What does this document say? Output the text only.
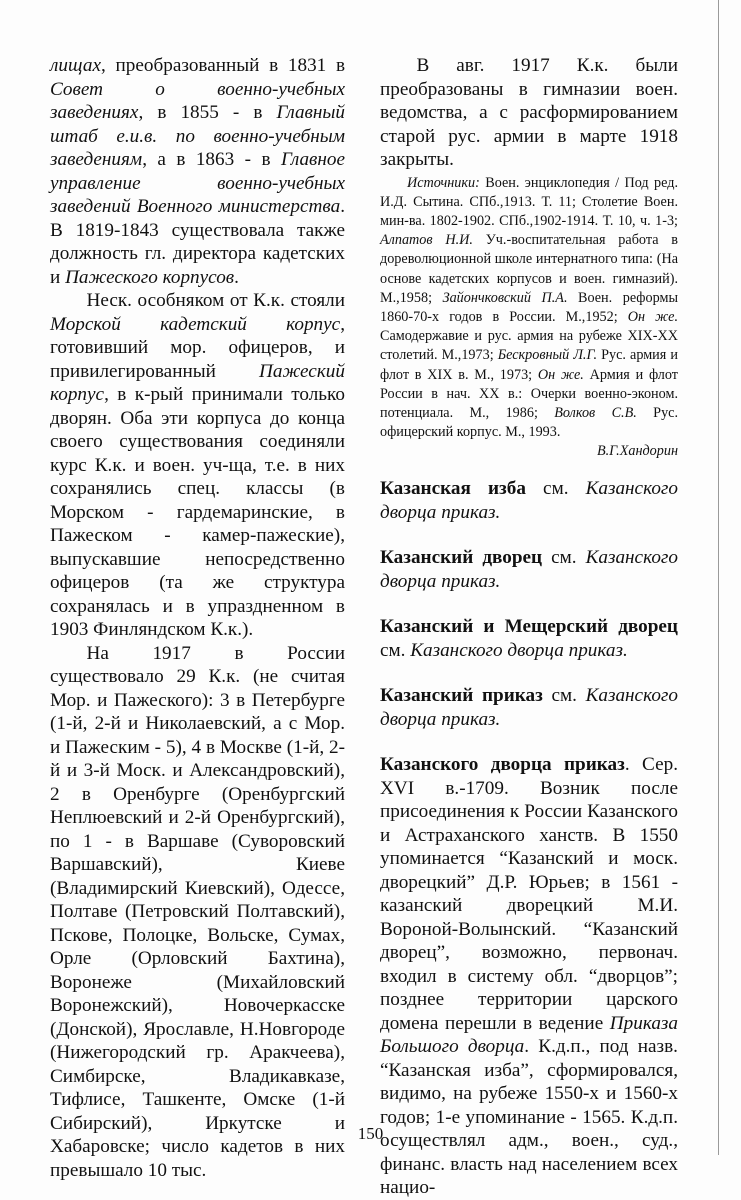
лищах, преобразованный в 1831 в Совет о военно-учебных заведениях, в 1855 - в Главный штаб е.и.в. по военно-учебным заведениям, а в 1863 - в Главное управление военно-учебных заведений Военного министерства. В 1819-1843 существовала также должность гл. директора кадетских и Пажеского корпусов.

Неск. особняком от К.к. стояли Морской кадетский корпус, готовивший мор. офицеров, и привилегированный Пажеский корпус, в к-рый принимали только дворян. Оба эти корпуса до конца своего существования соединяли курс К.к. и воен. уч-ща, т.е. в них сохранялись спец. классы (в Морском - гардемаринские, в Пажеском - камер-пажеские), выпускавшие непосредственно офицеров (та же структура сохранялась и в упраздненном в 1903 Финляндском К.к.).

На 1917 в России существовало 29 К.к. (не считая Мор. и Пажеского): 3 в Петербурге (1-й, 2-й и Николаевский, а с Мор. и Пажеским - 5), 4 в Москве (1-й, 2-й и 3-й Моск. и Александровский), 2 в Оренбурге (Оренбургский Неплюевский и 2-й Оренбургский), по 1 - в Варшаве (Суворовский Варшавский), Киеве (Владимирский Киевский), Одессе, Полтаве (Петровский Полтавский), Пскове, Полоцке, Вольске, Сумах, Орле (Орловский Бахтина), Воронеже (Михайловский Воронежский), Новочеркасске (Донской), Ярославле, Н.Новгороде (Нижегородский гр. Аракчеева), Симбирске, Владикавказе, Тифлисе, Ташкенте, Омске (1-й Сибирский), Иркутске и Хабаровске; число кадетов в них превышало 10 тыс.

В авг. 1917 К.к. были преобразованы в гимназии воен. ведомства, а с расформированием старой рус. армии в марте 1918 закрыты.

Источники: Воен. энциклопедия / Под ред. И.Д. Сытина. СПб.,1913. Т. 11; Столетие Воен. мин-ва. 1802-1902. СПб.,1902-1914. Т. 10, ч. 1-3; Алпатов Н.И. Уч.-воспитательная работа в дореволюционной школе интернатного типа: (На основе кадетских корпусов и воен. гимназий). М.,1958; Зайончковский П.А. Воен. реформы 1860-70-х годов в России. М.,1952; Он же. Самодержавие и рус. армия на рубеже XIX-XX столетий. М.,1973; Бескровный Л.Г. Рус. армия и флот в XIX в. М., 1973; Он же. Армия и флот России в нач. XX в.: Очерки военно-эконом. потенциала. М., 1986; Волков С.В. Рус. офицерский корпус. М., 1993.

В.Г.Хандорин

Казанская изба см. Казанского дворца приказ.

Казанский дворец см. Казанского дворца приказ.

Казанский и Мещерский дворец см. Казанского дворца приказ.

Казанский приказ см. Казанского дворца приказ.

Казанского дворца приказ. Сер. XVI в.-1709. Возник после присоединения к России Казанского и Астраханского ханств. В 1550 упоминается “Казанский и моск. дворецкий” Д.Р. Юрьев; в 1561 - казанский дворецкий М.И. Вороной-Волынский. “Казанский дворец”, возможно, первонач. входил в систему обл. “дворцов”; позднее территории царского домена перешли в ведение Приказа Большого дворца. К.д.п., под назв. “Казанская изба”, сформировался, видимо, на рубеже 1550-х и 1560-х годов; 1-е упоминание - 1565. К.д.п. осуществлял адм., воен., суд., финанс. власть над населением всех нацио-

150
